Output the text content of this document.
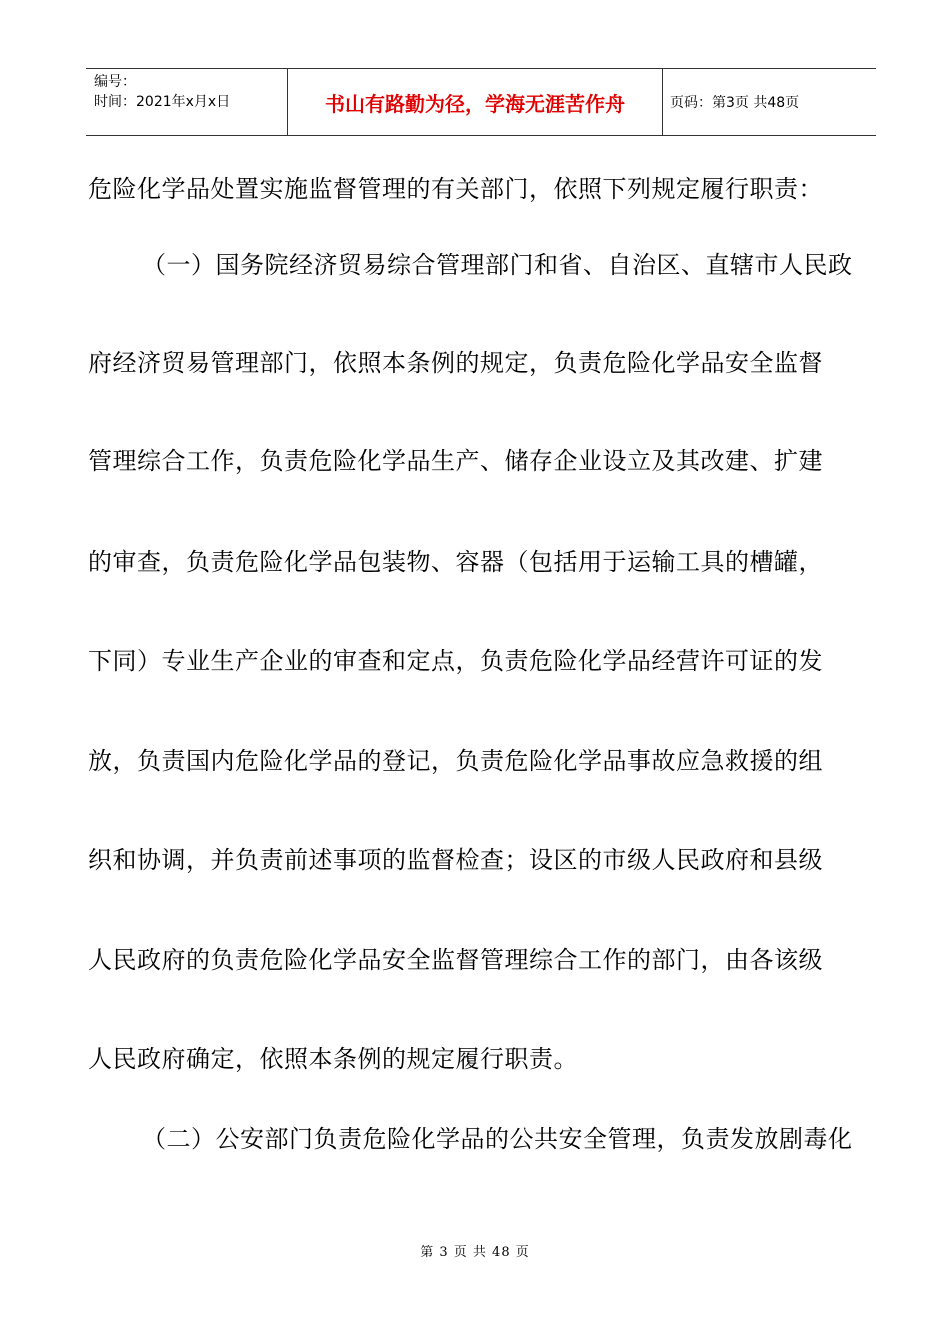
编号：
时间：2021年x月x日	书山有路勤为径，学海无涯苦作舟	页码：第3页 共48页
危险化学品处置实施监督管理的有关部门，依照下列规定履行职责：
（一）国务院经济贸易综合管理部门和省、自治区、直辖市人民政
府经济贸易管理部门，依照本条例的规定，负责危险化学品安全监督
管理综合工作，负责危险化学品生产、储存企业设立及其改建、扩建
的审查，负责危险化学品包装物、容器（包括用于运输工具的槽罐，
下同）专业生产企业的审查和定点，负责危险化学品经营许可证的发
放，负责国内危险化学品的登记，负责危险化学品事故应急救援的组
织和协调，并负责前述事项的监督检查；设区的市级人民政府和县级
人民政府的负责危险化学品安全监督管理综合工作的部门，由各该级
人民政府确定，依照本条例的规定履行职责。
（二）公安部门负责危险化学品的公共安全管理，负责发放剧毒化
第 3 页 共 48 页
